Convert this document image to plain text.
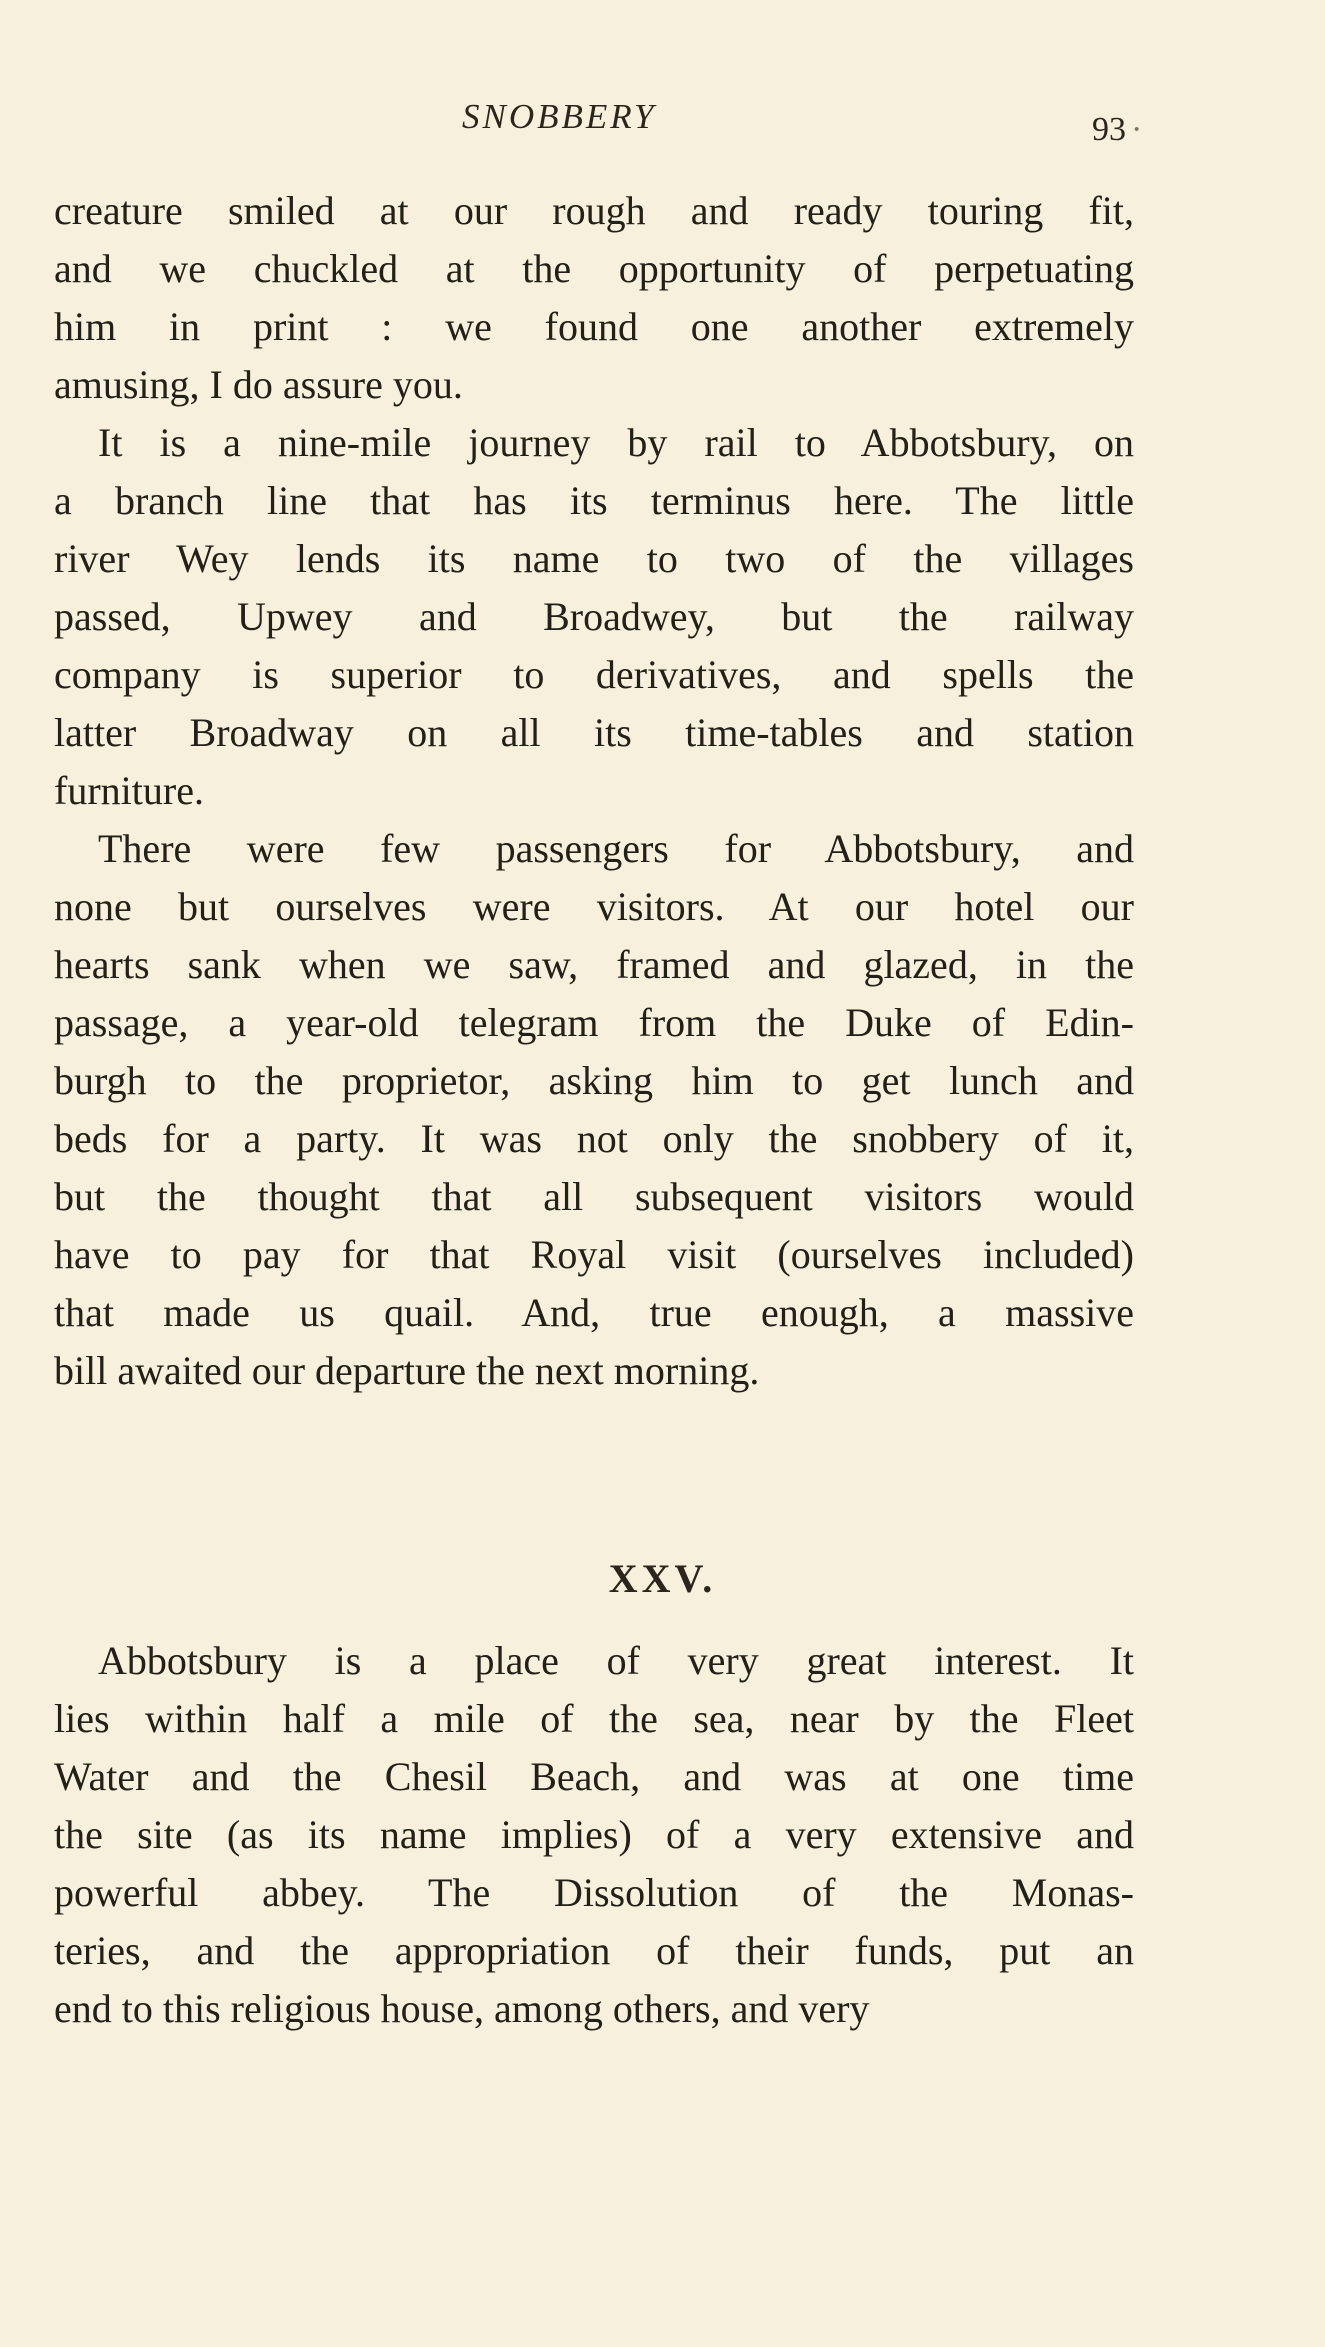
SNOBBERY	93 ·

creature smiled at our rough and ready touring fit,
and we chuckled at the opportunity of perpetuating
him in print : we found one another extremely
amusing, I do assure you.

It is a nine-mile journey by rail to Abbotsbury, on
a branch line that has its terminus here. The little
river Wey lends its name to two of the villages
passed, Upwey and Broadwey, but the railway
company is superior to derivatives, and spells the
latter Broadway on all its time-tables and station
furniture.

There were few passengers for Abbotsbury, and
none but ourselves were visitors. At our hotel our
hearts sank when we saw, framed and glazed, in the
passage, a year-old telegram from the Duke of Edin-
burgh to the proprietor, asking him to get lunch and
beds for a party. It was not only the snobbery of it,
but the thought that all subsequent visitors would
have to pay for that Royal visit (ourselves included)
that made us quail. And, true enough, a massive
bill awaited our departure the next morning.

XXV.

Abbotsbury is a place of very great interest. It
lies within half a mile of the sea, near by the Fleet
Water and the Chesil Beach, and was at one time
the site (as its name implies) of a very extensive and
powerful abbey. The Dissolution of the Monas-
teries, and the appropriation of their funds, put an
end to this religious house, among others, and very
